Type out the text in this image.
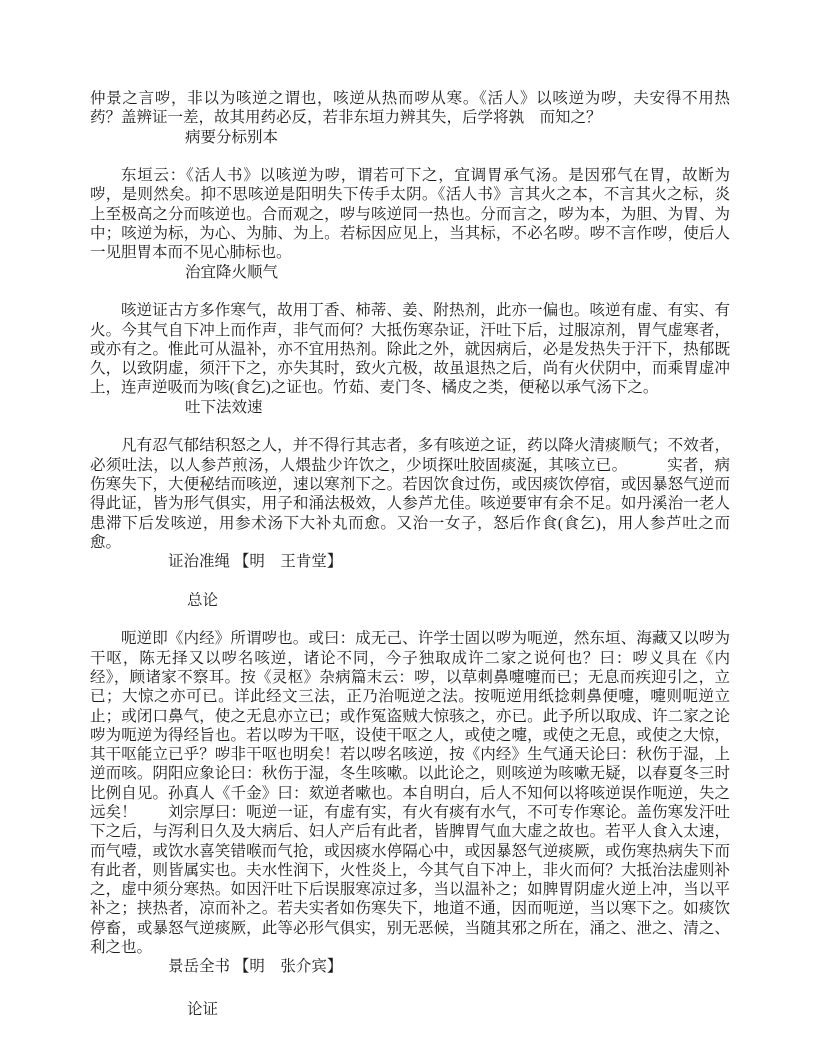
仲景之言哕，非以为咳逆之谓也，咳逆从热而哕从寒。《活人》以咳逆为哕，夫安得不用热药？盖辨证一差，故其用药必反，若非东垣力辨其失，后学将孰　而知之？

病要分标别本

东垣云：《活人书》以咳逆为哕，谓若可下之，宜调胃承气汤。是因邪气在胃，故断为哕，是则然矣。抑不思咳逆是阳明失下传手太阴。《活人书》言其火之本，不言其火之标，炎上至极高之分而咳逆也。合而观之，哕与咳逆同一热也。分而言之，哕为本，为胆、为胃、为中；咳逆为标，为心、为肺、为上。若标因应见上，当其标，不必名哕。哕不言作哕，使后人一见胆胃本而不见心肺标也。

治宜降火顺气

咳逆证古方多作寒气，故用丁香、柿蒂、姜、附热剂，此亦一偏也。咳逆有虚、有实、有火。今其气自下冲上而作声，非气而何？大抵伤寒杂证，汗吐下后，过服凉剂，胃气虚寒者，或亦有之。惟此可从温补，亦不宜用热剂。除此之外，就因病后，必是发热失于汗下，热郁既久，以致阴虚，须汗下之，亦失其时，致火亢极，故虽退热之后，尚有火伏阴中，而乘胃虚冲上，连声逆吸而为咳(食乞)之证也。竹茹、麦门冬、橘皮之类，便秘以承气汤下之。

吐下法效速

凡有忍气郁结积怒之人，并不得行其志者，多有咳逆之证，药以降火清痰顺气；不效者，必须吐法，以人参芦煎汤，人煨盐少许饮之，少顷探吐胶固痰涎，其咳立已。　　　实者，病伤寒失下，大便秘结而咳逆，速以寒剂下之。若因饮食过伤，或因痰饮停宿，或因暴怒气逆而得此证，皆为形气俱实，用子和涌法极效，人参芦尤佳。咳逆要审有余不足。如丹溪治一老人患滞下后发咳逆，用参术汤下大补丸而愈。又治一女子，怒后作食(食乞)，用人参芦吐之而愈。

证治准绳 【明　王肯堂】

总论

呃逆即《内经》所谓哕也。或曰：成无己、许学士固以哕为呃逆，然东垣、海藏又以哕为干呕，陈无择又以哕名咳逆，诸论不同，今子独取成许二家之说何也？曰：哕义具在《内经》，顾诸家不察耳。按《灵枢》杂病篇末云：哕，以草刺鼻嚏嚏而已；无息而疾迎引之，立已；大惊之亦可已。详此经文三法，正乃治呃逆之法。按呃逆用纸捻刺鼻便嚏，嚏则呃逆立止；或闭口鼻气，使之无息亦立已；或作冤盗贼大惊骇之，亦已。此予所以取成、许二家之论哕为呃逆为得经旨也。若以哕为干呕，设使干呕之人，或使之嚏，或使之无息，或使之大惊，其干呕能立已乎？哕非干呕也明矣！若以哕名咳逆，按《内经》生气通天论曰：秋伤于湿，上逆而咳。阴阳应象论曰：秋伤于湿，冬生咳嗽。以此论之，则咳逆为咳嗽无疑，以春夏冬三时比例自见。孙真人《千金》曰：欬逆者嗽也。本自明白，后人不知何以将咳逆误作呃逆，失之远矣！　　刘宗厚曰：呃逆一证，有虚有实，有火有痰有水气，不可专作寒论。盖伤寒发汗吐下之后，与泻利日久及大病后、妇人产后有此者，皆脾胃气血大虚之故也。若平人食入太速，而气噎，或饮水喜笑错喉而气抢，或因痰水停隔心中，或因暴怒气逆痰厥，或伤寒热病失下而有此者，则皆属实也。夫水性润下，火性炎上，今其气自下冲上，非火而何？大抵治法虚则补之，虚中须分寒热。如因汗吐下后误服寒凉过多，当以温补之；如脾胃阴虚火逆上冲，当以平补之；挟热者，凉而补之。若夫实者如伤寒失下，地道不通，因而呃逆，当以寒下之。如痰饮停畜，或暴怒气逆痰厥，此等必形气俱实，别无恶候，当随其邪之所在，涌之、泄之、清之、利之也。

景岳全书 【明　张介宾】

论证
